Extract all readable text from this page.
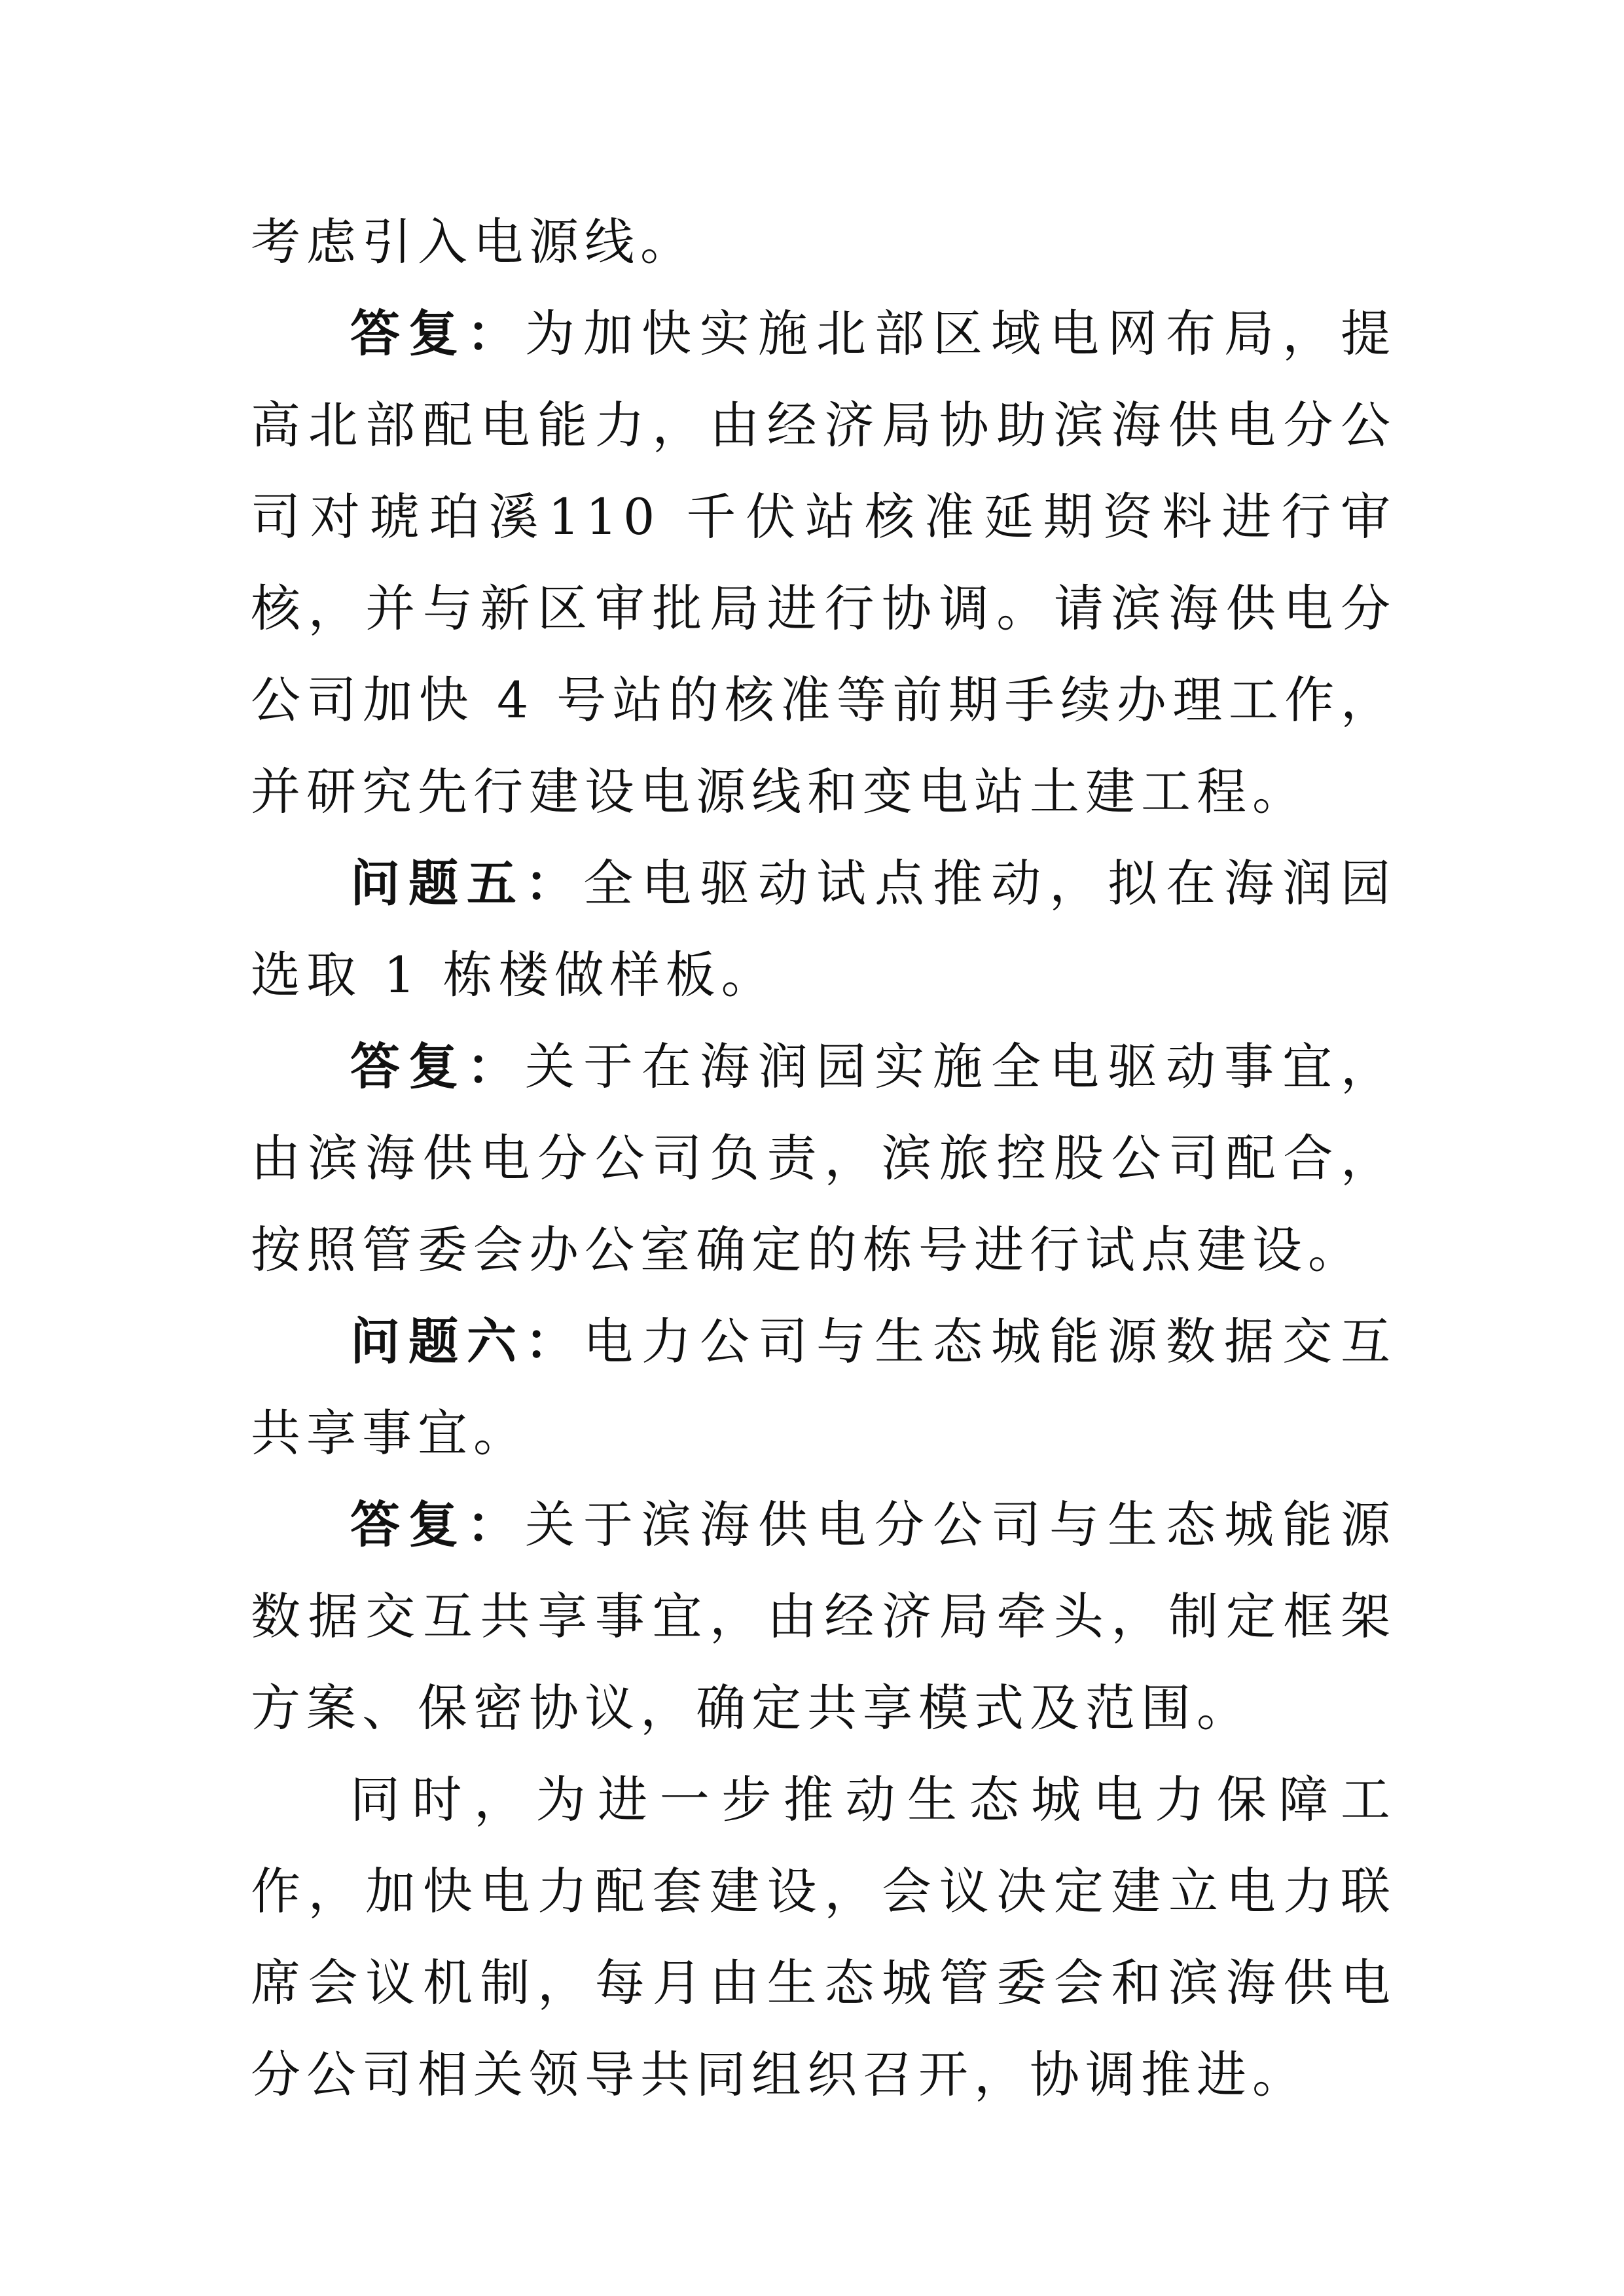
考虑引入电源线。

答复：为加快实施北部区域电网布局，提高北部配电能力，由经济局协助滨海供电分公司对琥珀溪110 千伏站核准延期资料进行审核，并与新区审批局进行协调。请滨海供电分公司加快 4 号站的核准等前期手续办理工作，并研究先行建设电源线和变电站土建工程。

问题五：全电驱动试点推动，拟在海润园选取 1 栋楼做样板。

答复：关于在海润园实施全电驱动事宜，由滨海供电分公司负责，滨旅控股公司配合，按照管委会办公室确定的栋号进行试点建设。

问题六：电力公司与生态城能源数据交互共享事宜。

答复：关于滨海供电分公司与生态城能源数据交互共享事宜，由经济局牵头，制定框架方案、保密协议，确定共享模式及范围。

同时，为进一步推动生态城电力保障工作，加快电力配套建设，会议决定建立电力联席会议机制，每月由生态城管委会和滨海供电分公司相关领导共同组织召开，协调推进。
